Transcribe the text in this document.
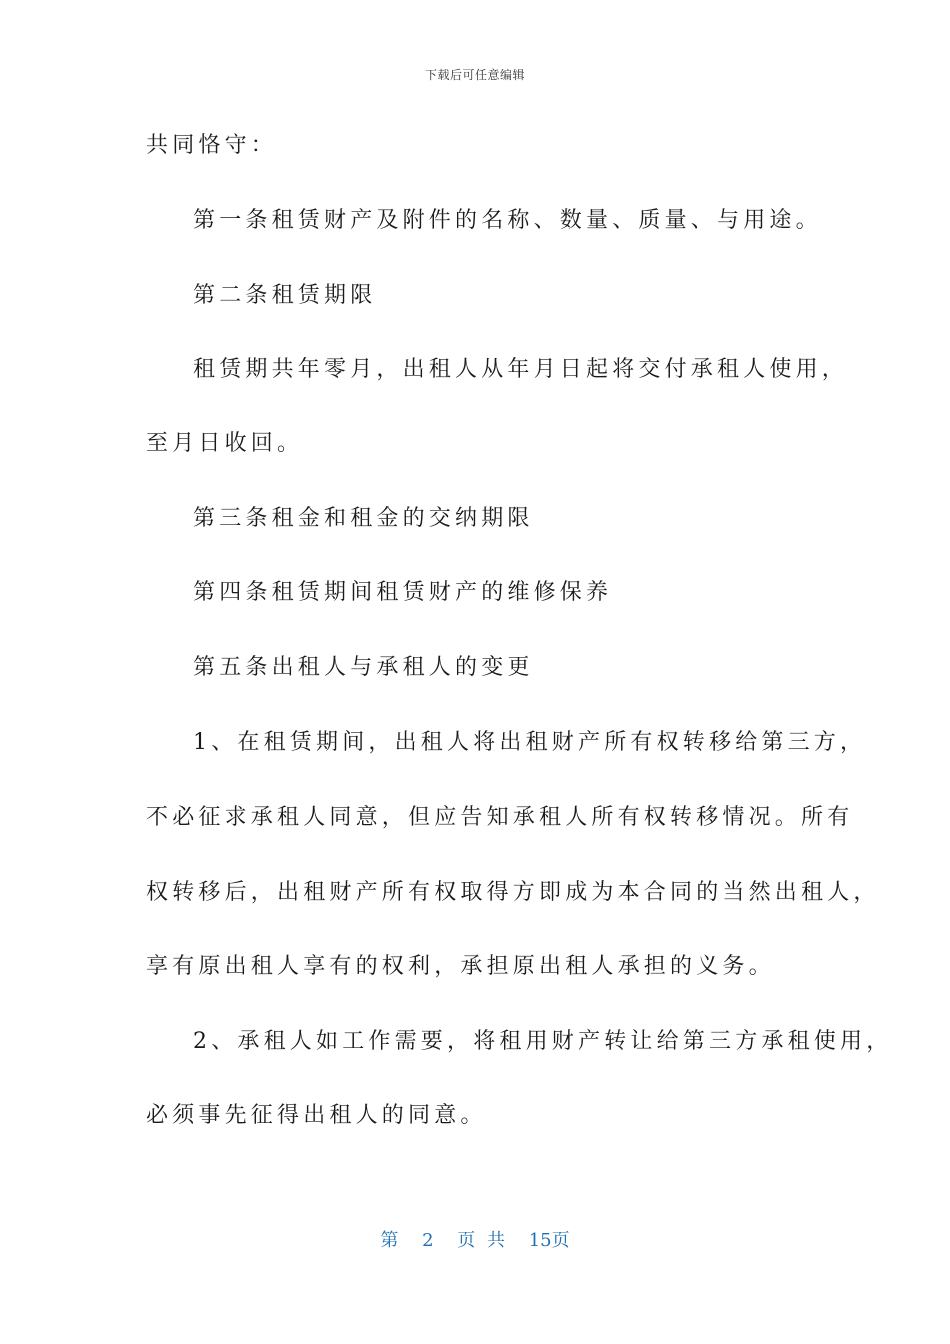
下载后可任意编辑
共同恪守：
第一条租赁财产及附件的名称、数量、质量、与用途。
第二条租赁期限
租赁期共年零月，出租人从年月日起将交付承租人使用，
至月日收回。
第三条租金和租金的交纳期限
第四条租赁期间租赁财产的维修保养
第五条出租人与承租人的变更
1、在租赁期间，出租人将出租财产所有权转移给第三方，
不必征求承租人同意，但应告知承租人所有权转移情况。所有
权转移后，出租财产所有权取得方即成为本合同的当然出租人，
享有原出租人享有的权利，承担原出租人承担的义务。
2、承租人如工作需要，将租用财产转让给第三方承租使用，
必须事先征得出租人的同意。
第 2 页 共 15页
